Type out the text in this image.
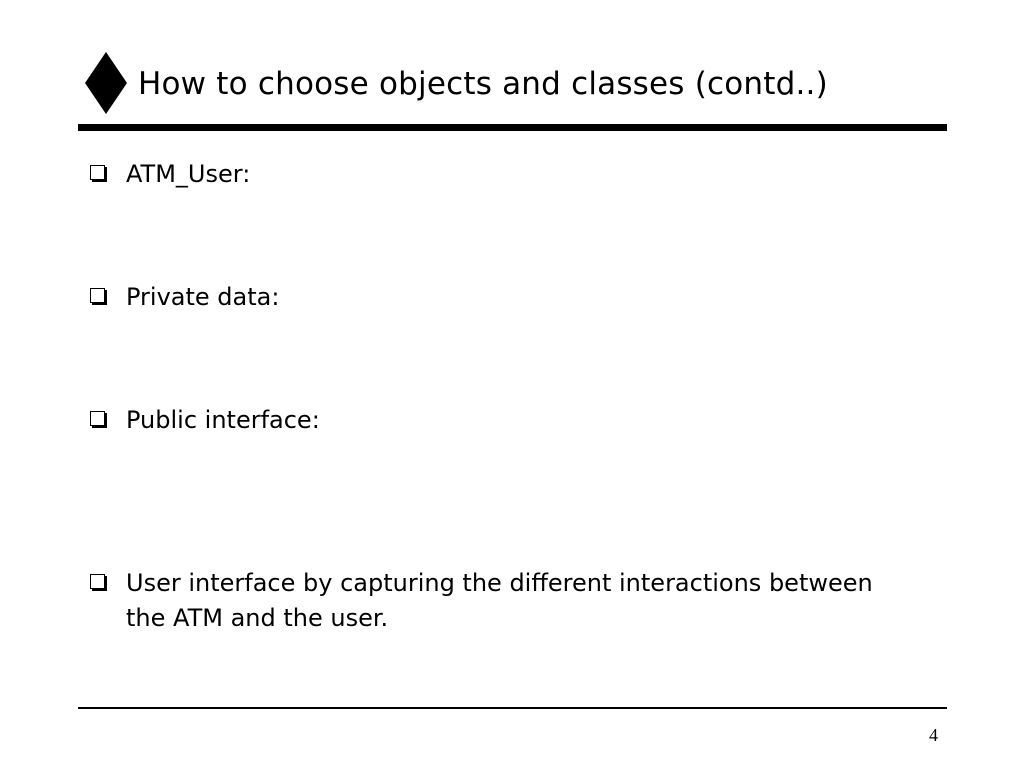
How to choose objects and classes (contd..)
ATM_User:
Private data:
Public interface:
User interface by capturing the different interactions between the ATM and the user.
4
